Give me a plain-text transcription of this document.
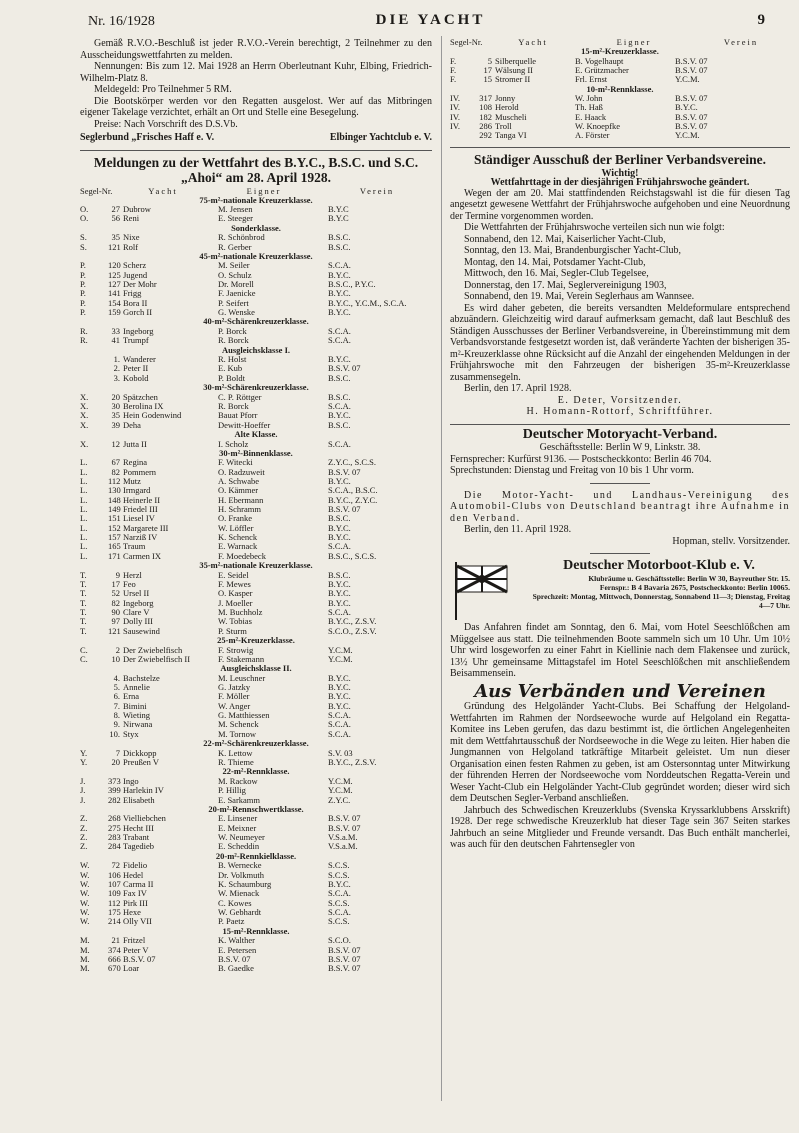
Nr. 16/1928	DIE YACHT	9

Gemäß R.V.O.-Beschluß ist jeder R.V.O.-Verein berechtigt, 2 Teilnehmer zu den Ausscheidungswettfahrten zu melden.

Nennungen: Bis zum 12. Mai 1928 an Herrn Oberleutnant Kuhr, Elbing, Friedrich-Wilhelm-Platz 8.

Meldegeld: Pro Teilnehmer 5 RM.

Die Bootskörper werden vor den Regatten ausgelost. Wer auf das Mitbringen eigener Takelage verzichtet, erhält an Ort und Stelle eine Besegelung.

Preise: Nach Vorschrift des D.S.Vb.

Seglerbund „Frisches Haff e. V.	Elbinger Yachtclub e. V.
Meldungen zu der Wettfahrt des B.Y.C., B.S.C. und S.C. „Ahoi“ am 28. April 1928.
Segel-Nr.	Yacht	Eigner	Verein
75-m²-nationale Kreuzerklasse.
O.	27 Dubrow	M. Jensen	B.Y.C
O.	56 Reni	E. Steeger	B.Y.C
Sonderklasse.
S.	35 Nixe	R. Schönbrod	B.S.C.
S.	121 Rolf	R. Gerber	B.S.C.
45-m²-nationale Kreuzerklasse.
P.	120 Scherz	M. Seiler	S.C.A.
P.	125 Jugend	O. Schulz	B.Y.C.
P.	127 Der Mohr	Dr. Morell	B.S.C., P.Y.C.
P.	141 Frigg	F. Jaenicke	B.Y.C.
P.	154 Bora II	P. Seifert	B.Y.C., Y.C.M., S.C.A.
P.	159 Gorch II	G. Wenske	B.Y.C.
40-m²-Schärenkreuzerklasse.
R.	33 Ingeborg	P. Borck	S.C.A.
R.	41 Trumpf	R. Borck	S.C.A.
Ausgleichsklasse I.
1. Wanderer	R. Holst	B.Y.C.
2. Peter II	E. Kub	B.S.V. 07
3. Kobold	P. Boldt	B.S.C.
30-m²-Schärenkreuzerklasse.
X.	20 Spätzchen	C. P. Röttger	B.S.C.
X.	30 Berolina IX	R. Borck	S.C.A.
X.	35 Hein Godenwind	Bauat Pforr	B.Y.C.
X.	39 Deha	Dewitt-Hoeffer	B.S.C.
Alte Klasse.
X.	12 Jutta II	I. Scholz	S.C.A.
30-m²-Binnenklasse.
L.	67 Regina	F. Witecki	Z.Y.C., S.C.S.
L.	82 Pommern	O. Radzuweit	B.S.V. 07
L.	112 Mutz	A. Schwabe	B.Y.C.
L.	130 Irmgard	O. Kämmer	S.C.A., B.S.C.
L.	148 Heinerle II	H. Ebermann	B.Y.C., Z.Y.C.
L.	149 Friedel III	H. Schramm	B.S.V. 07
L.	151 Liesel IV	O. Franke	B.S.C.
L.	152 Margarete III	W. Löffler	B.Y.C.
L.	157 Narziß IV	K. Schenck	B.Y.C.
L.	165 Traum	E. Warnack	S.C.A.
L.	171 Carmen IX	F. Moedebeck	B.S.C., S.C.S.
35-m²-nationale Kreuzerklasse.
T.	9 Herzl	E. Seidel	B.S.C.
T.	17 Feo	F. Mewes	B.Y.C.
T.	52 Ursel II	O. Kasper	B.Y.C.
T.	82 Ingeborg	J. Moeller	B.Y.C.
T.	90 Clare V	M. Buchholz	S.C.A.
T.	97 Dolly III	W. Tobias	B.Y.C., Z.S.V.
T.	121 Sausewind	P. Sturm	S.C.O., Z.S.V.
25-m²-Kreuzerklasse.
C.	2 Der Zwiebelfisch	F. Strowig	Y.C.M.
C.	10 Der Zwiebelfisch II	F. Stakemann	Y.C.M.
Ausgleichsklasse II.
4. Bachstelze	M. Leuschner	B.Y.C.
5. Annelie	G. Jatzky	B.Y.C.
6. Erna	F. Möller	B.Y.C.
7. Bimini	W. Anger	B.Y.C.
8. Wieting	G. Matthiessen	S.C.A.
9. Nirwana	M. Schenck	S.C.A.
10. Styx	M. Tornow	S.C.A.
22-m²-Schärenkreuzerklasse.
Y.	7 Dickkopp	K. Lettow	S.V. 03
Y.	20 Preußen V	R. Thieme	B.Y.C., Z.S.V.
22-m²-Rennklasse.
J.	373 Ingo	M. Rackow	Y.C.M.
J.	399 Harlekin IV	P. Hillig	Y.C.M.
J.	282 Elisabeth	E. Sarkamm	Z.Y.C.
20-m²-Rennschwertklasse.
Z.	268 Vielliebchen	E. Linsener	B.S.V. 07
Z.	275 Hecht III	E. Meixner	B.S.V. 07
Z.	283 Trabant	W. Neumeyer	V.S.a.M.
Z.	284 Tagedieb	E. Scheddin	V.S.a.M.
20-m²-Rennkielklasse.
W.	72 Fidelio	B. Wernecke	S.C.S.
W.	106 Hedel	Dr. Volkmuth	S.C.S.
W.	107 Carma II	K. Schaumburg	B.Y.C.
W.	109 Fax IV	W. Mienack	S.C.A.
W.	112 Pirk III	C. Kowes	S.C.S.
W.	175 Hexe	W. Gebhardt	S.C.A.
W.	214 Olly VII	P. Paetz	S.C.S.
15-m²-Rennklasse.
M.	21 Fritzel	K. Walther	S.C.O.
M.	374 Peter V	E. Petersen	B.S.V. 07
M.	666 B.S.V. 07	B.S.V. 07	B.S.V. 07
M.	670 Loar	B. Gaedke	B.S.V. 07
Segel-Nr.	Yacht	Eigner	Verein
15-m²-Kreuzerklasse.
F.	5 Silberquelle	B. Vogelhaupt	B.S.V. 07
F.	17 Wälsung II	E. Grützmacher	B.S.V. 07
F.	15 Stromer II	Frl. Ernst	Y.C.M.
10-m²-Rennklasse.
IV.	317 Jonny	W. John	B.S.V. 07
IV.	108 Herold	Th. Haß	B.Y.C.
IV.	182 Muscheli	E. Haack	B.S.V. 07
IV.	286 Troll	W. Knoepfke	B.S.V. 07
292 Tanga VI	A. Förster	Y.C.M.
Ständiger Ausschuß der Berliner Verbandsvereine.
Wichtig!
Wettfahrttage in der diesjährigen Frühjahrswoche geändert.

Wegen der am 20. Mai stattfindenden Reichstagswahl ist die für diesen Tag angesetzt gewesene Wettfahrt der Frühjahrswoche aufgehoben und eine Neuordnung der Termine vorgenommen worden.

Die Wettfahrten der Frühjahrswoche verteilen sich nun wie folgt:

Sonnabend, den 12. Mai, Kaiserlicher Yacht-Club,
Sonntag, den 13. Mai, Brandenburgischer Yacht-Club,
Montag, den 14. Mai, Potsdamer Yacht-Club,
Mittwoch, den 16. Mai, Segler-Club Tegelsee,
Donnerstag, den 17. Mai, Seglervereinigung 1903,
Sonnabend, den 19. Mai, Verein Seglerhaus am Wannsee.

Es wird daher gebeten, die bereits versandten Meldeformulare entsprechend abzuändern. Gleichzeitig wird darauf aufmerksam gemacht, daß laut Beschluß des Ständigen Ausschusses der Berliner Verbandsvereine, in Übereinstimmung mit dem Verbandsvorstande festgesetzt worden ist, daß veränderte Yachten der bisherigen 35-m²-Kreuzerklasse ohne Rücksicht auf die Anzahl der eingehenden Meldungen in der Frühjahrswoche mit den Fahrzeugen der bisherigen 35-m²-Kreuzerklasse zusammensegeln.

Berlin, den 17. April 1928.

E. Deter, Vorsitzender.
H. Homann-Rottorf, Schriftführer.
Deutscher Motoryacht-Verband.
Geschäftsstelle: Berlin W 9, Linkstr. 38.
Fernsprecher: Kurfürst 9136. — Postscheckkonto: Berlin 46 704.
Sprechstunden: Dienstag und Freitag von 10 bis 1 Uhr vorm.

Die Motor-Yacht- und Landhaus-Vereinigung des Automobil-Clubs von Deutschland beantragt ihre Aufnahme in den Verband.

Berlin, den 11. April 1928.

Hopman, stellv. Vorsitzender.
Deutscher Motorboot-Klub e. V.
Klubräume u. Geschäftsstelle: Berlin W 30, Bayreuther Str. 15.
Fernspr.: B 4 Bavaria 2675, Postscheckkonto: Berlin 10065.
Sprechzeit: Montag, Mittwoch, Donnerstag, Sonnabend 11—3; Dienstag, Freitag 4—7 Uhr.

Das Anfahren findet am Sonntag, den 6. Mai, vom Hotel Seeschlößchen am Müggelsee aus statt. Die teilnehmenden Boote sammeln sich um 10 Uhr. Um 10½ Uhr wird losgeworfen zu einer Fahrt in Kiellinie nach dem Flakensee und zurück, 13½ Uhr gemeinsame Mittagstafel im Hotel Seeschlößchen mit anschließendem Beisammensein.

Aus Verbänden und Vereinen

Gründung des Helgoländer Yacht-Clubs. Bei Schaffung der Helgoland-Wettfahrten im Rahmen der Nordseewoche wurde auf Helgoland ein Regatta-Komitee ins Leben gerufen, das dazu bestimmt ist, die örtlichen Angelegenheiten mit dem Wettfahrtausschuß der Nordseewoche in die Wege zu leiten. Hier haben die Jungmannen von Helgoland tatkräftige Mitarbeit geleistet. Um nun dieser Organisation einen festen Rahmen zu geben, ist am Ostersonntag unter Mitwirkung der führenden Herren der Nordseewoche vom Norddeutschen Regatta-Verein und Weser Yacht-Club ein Helgoländer Yacht-Club gegründet worden; dieser wird sich dem Deutschen Segler-Verband anschließen.

Jahrbuch des Schwedischen Kreuzerklubs (Svenska Kryssarklubbens Arsskrift) 1928. Der rege schwedische Kreuzerklub hat dieser Tage sein 367 Seiten starkes Jahrbuch an seine Mitglieder und Freunde versandt. Das Buch enthält mancherlei, was auch für den deutschen Fahrtensegler von
